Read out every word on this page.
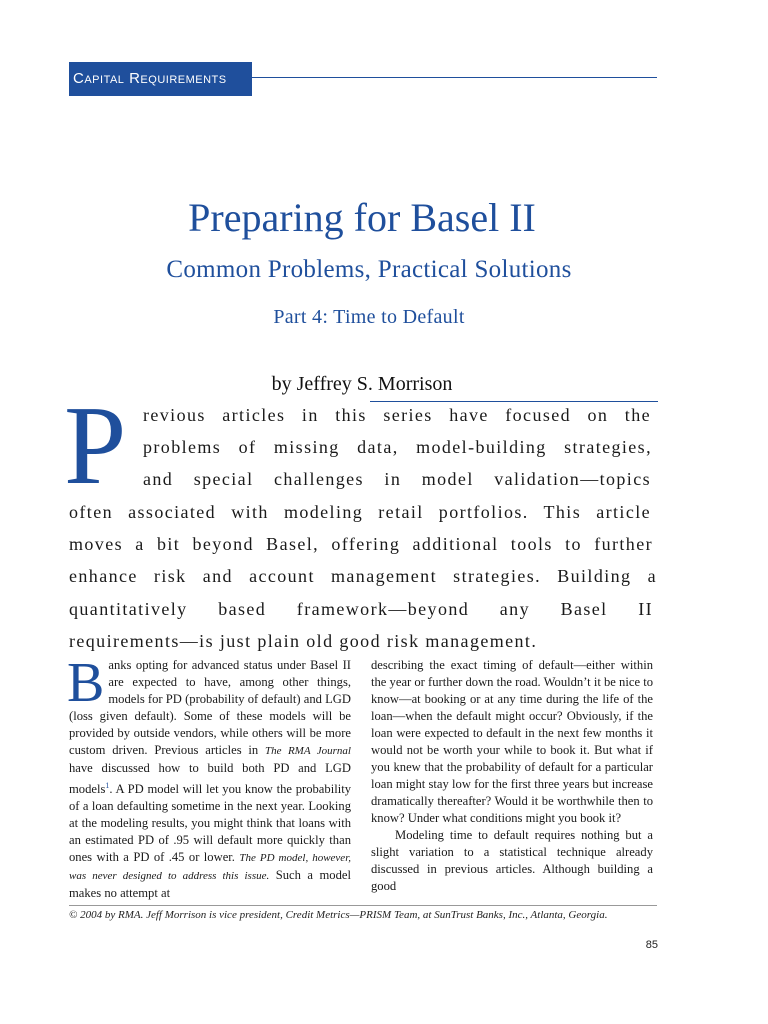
Capital Requirements
Preparing for Basel II
Common Problems, Practical Solutions
Part 4: Time to Default
by Jeffrey S. Morrison
P revious articles in this series have focused on the
problems of missing data, model-building strategies,
and special challenges in model validation—topics
often associated with modeling retail portfolios. This article
moves a bit beyond Basel, offering additional tools to further
enhance risk and account management strategies. Building a
quantitatively based framework—beyond any Basel II
requirements—is just plain old good risk management.

Banks opting for advanced status under Basel II are expected to have, among other things, models for PD (probability of default) and LGD (loss given default). Some of these models will be provided by outside vendors, while others will be more custom driven. Previous articles in The RMA Journal have discussed how to build both PD and LGD models$^1$. A PD model will let you know the probability of a loan defaulting sometime in the next year. Looking at the modeling results, you might think that loans with an estimated PD of .95 will default more quickly than ones with a PD of .45 or lower. The PD model, however, was never designed to address this issue. Such a model makes no attempt at

describing the exact timing of default—either within the year or further down the road. Wouldn’t it be nice to know—at booking or at any time during the life of the loan—when the default might occur? Obviously, if the loan were expected to default in the next few months it would not be worth your while to book it. But what if you knew that the probability of default for a particular loan might stay low for the first three years but increase dramatically thereafter? Would it be worthwhile then to know? Under what conditions might you book it?

Modeling time to default requires nothing but a slight variation to a statistical technique already discussed in previous articles. Although building a good

© 2004 by RMA. Jeff Morrison is vice president, Credit Metrics—PRISM Team, at SunTrust Banks, Inc., Atlanta, Georgia.
85
